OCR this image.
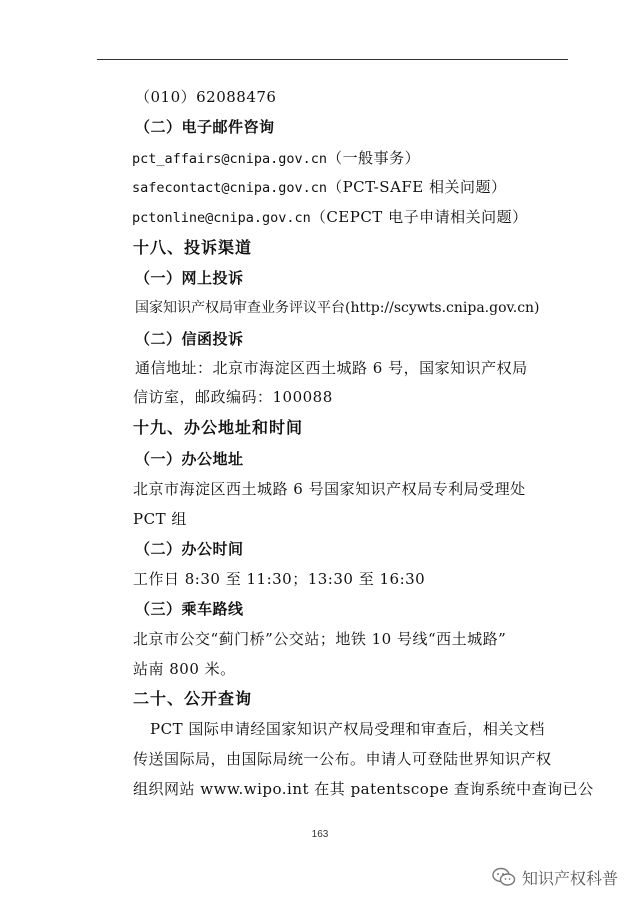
（010）62088476
（二）电子邮件咨询
pct_affairs@cnipa.gov.cn（一般事务）
safecontact@cnipa.gov.cn（PCT-SAFE 相关问题）
pctonline@cnipa.gov.cn（CEPCT 电子申请相关问题）
十八、投诉渠道
（一）网上投诉
国家知识产权局审查业务评议平台(http://scywts.cnipa.gov.cn)
（二）信函投诉
通信地址：北京市海淀区西土城路 6 号，国家知识产权局
信访室，邮政编码：100088
十九、办公地址和时间
（一）办公地址
北京市海淀区西土城路 6 号国家知识产权局专利局受理处
PCT 组
（二）办公时间
工作日 8:30 至 11:30；13:30 至 16:30
（三）乘车路线
北京市公交“蓟门桥”公交站；地铁 10 号线“西土城路”
站南 800 米。
二十、公开查询
PCT 国际申请经国家知识产权局受理和审查后，相关文档
传送国际局，由国际局统一公布。申请人可登陆世界知识产权
组织网站 www.wipo.int 在其 patentscope 查询系统中查询已公
163
知识产权科普
